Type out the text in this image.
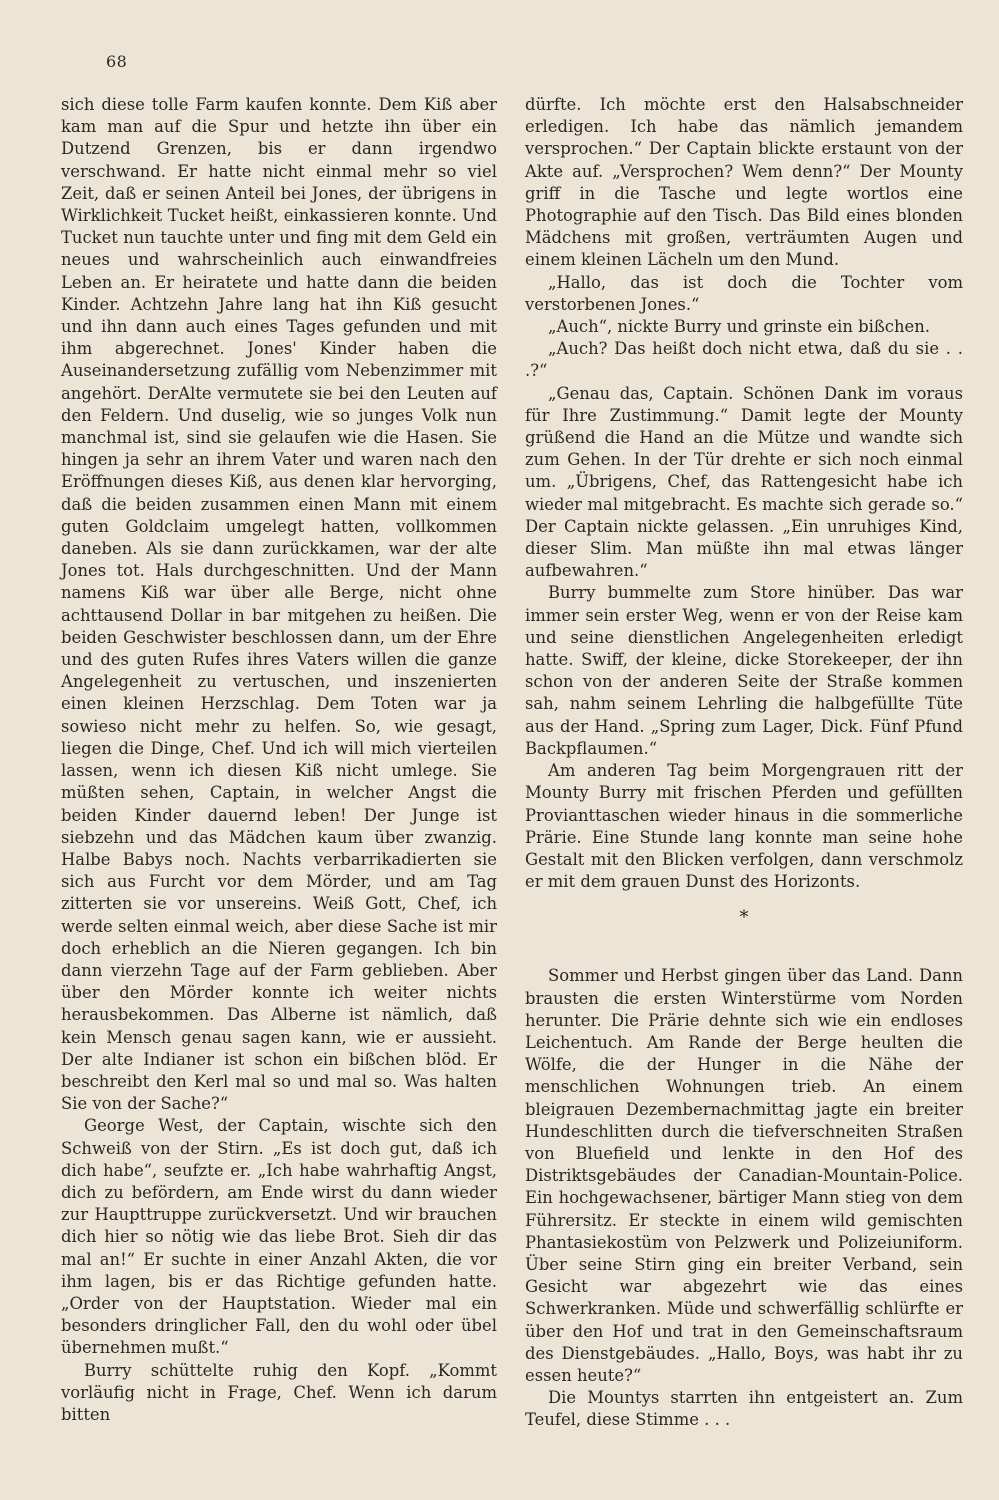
68

sich diese tolle Farm kaufen konnte. Dem Kiß aber kam man auf die Spur und hetzte ihn über ein Dutzend Grenzen, bis er dann irgendwo verschwand. Er hatte nicht einmal mehr so viel Zeit, daß er seinen Anteil bei Jones, der übrigens in Wirklichkeit Tucket heißt, einkassieren konnte. Und Tucket nun tauchte unter und fing mit dem Geld ein neues und wahrscheinlich auch einwandfreies Leben an. Er heiratete und hatte dann die beiden Kinder. Achtzehn Jahre lang hat ihn Kiß gesucht und ihn dann auch eines Tages gefunden und mit ihm abgerechnet. Jones' Kinder haben die Auseinandersetzung zufällig vom Nebenzimmer mit angehört. DerAlte vermutete sie bei den Leuten auf den Feldern. Und duselig, wie so junges Volk nun manchmal ist, sind sie gelaufen wie die Hasen. Sie hingen ja sehr an ihrem Vater und waren nach den Eröffnungen dieses Kiß, aus denen klar hervorging, daß die beiden zusammen einen Mann mit einem guten Goldclaim umgelegt hatten, vollkommen daneben. Als sie dann zurückkamen, war der alte Jones tot. Hals durchgeschnitten. Und der Mann namens Kiß war über alle Berge, nicht ohne achttausend Dollar in bar mitgehen zu heißen. Die beiden Geschwister beschlossen dann, um der Ehre und des guten Rufes ihres Vaters willen die ganze Angelegenheit zu vertuschen, und inszenierten einen kleinen Herzschlag. Dem Toten war ja sowieso nicht mehr zu helfen. So, wie gesagt, liegen die Dinge, Chef. Und ich will mich vierteilen lassen, wenn ich diesen Kiß nicht umlege. Sie müßten sehen, Captain, in welcher Angst die beiden Kinder dauernd leben! Der Junge ist siebzehn und das Mädchen kaum über zwanzig. Halbe Babys noch. Nachts verbarrikadierten sie sich aus Furcht vor dem Mörder, und am Tag zitterten sie vor unsereins. Weiß Gott, Chef, ich werde selten einmal weich, aber diese Sache ist mir doch erheblich an die Nieren gegangen. Ich bin dann vierzehn Tage auf der Farm geblieben. Aber über den Mörder konnte ich weiter nichts herausbekommen. Das Alberne ist nämlich, daß kein Mensch genau sagen kann, wie er aussieht. Der alte Indianer ist schon ein bißchen blöd. Er beschreibt den Kerl mal so und mal so. Was halten Sie von der Sache?“

George West, der Captain, wischte sich den Schweiß von der Stirn. „Es ist doch gut, daß ich dich habe“, seufzte er. „Ich habe wahrhaftig Angst, dich zu befördern, am Ende wirst du dann wieder zur Haupttruppe zurückversetzt. Und wir brauchen dich hier so nötig wie das liebe Brot. Sieh dir das mal an!“ Er suchte in einer Anzahl Akten, die vor ihm lagen, bis er das Richtige gefunden hatte. „Order von der Hauptstation. Wieder mal ein besonders dringlicher Fall, den du wohl oder übel übernehmen mußt.“

Burry schüttelte ruhig den Kopf. „Kommt vorläufig nicht in Frage, Chef. Wenn ich darum bitten

dürfte. Ich möchte erst den Halsabschneider erledigen. Ich habe das nämlich jemandem versprochen.“ Der Captain blickte erstaunt von der Akte auf. „Versprochen? Wem denn?“ Der Mounty griff in die Tasche und legte wortlos eine Photographie auf den Tisch. Das Bild eines blonden Mädchens mit großen, verträumten Augen und einem kleinen Lächeln um den Mund.

„Hallo, das ist doch die Tochter vom verstorbenen Jones.“

„Auch“, nickte Burry und grinste ein bißchen.

„Auch? Das heißt doch nicht etwa, daß du sie . . .?“

„Genau das, Captain. Schönen Dank im voraus für Ihre Zustimmung.“ Damit legte der Mounty grüßend die Hand an die Mütze und wandte sich zum Gehen. In der Tür drehte er sich noch einmal um. „Übrigens, Chef, das Rattengesicht habe ich wieder mal mitgebracht. Es machte sich gerade so.“ Der Captain nickte gelassen. „Ein unruhiges Kind, dieser Slim. Man müßte ihn mal etwas länger aufbewahren.“

Burry bummelte zum Store hinüber. Das war immer sein erster Weg, wenn er von der Reise kam und seine dienstlichen Angelegenheiten erledigt hatte. Swiff, der kleine, dicke Storekeeper, der ihn schon von der anderen Seite der Straße kommen sah, nahm seinem Lehrling die halbgefüllte Tüte aus der Hand. „Spring zum Lager, Dick. Fünf Pfund Backpflaumen.“

Am anderen Tag beim Morgengrauen ritt der Mounty Burry mit frischen Pferden und gefüllten Provianttaschen wieder hinaus in die sommerliche Prärie. Eine Stunde lang konnte man seine hohe Gestalt mit den Blicken verfolgen, dann verschmolz er mit dem grauen Dunst des Horizonts.

*

Sommer und Herbst gingen über das Land. Dann brausten die ersten Winterstürme vom Norden herunter. Die Prärie dehnte sich wie ein endloses Leichentuch. Am Rande der Berge heulten die Wölfe, die der Hunger in die Nähe der menschlichen Wohnungen trieb. An einem bleigrauen Dezembernachmittag jagte ein breiter Hundeschlitten durch die tiefverschneiten Straßen von Bluefield und lenkte in den Hof des Distriktsgebäudes der Canadian-Mountain-Police. Ein hochgewachsener, bärtiger Mann stieg von dem Führersitz. Er steckte in einem wild gemischten Phantasiekostüm von Pelzwerk und Polizeiuniform. Über seine Stirn ging ein breiter Verband, sein Gesicht war abgezehrt wie das eines Schwerkranken. Müde und schwerfällig schlürfte er über den Hof und trat in den Gemeinschaftsraum des Dienstgebäudes. „Hallo, Boys, was habt ihr zu essen heute?“

Die Mountys starrten ihn entgeistert an. Zum Teufel, diese Stimme . . .
